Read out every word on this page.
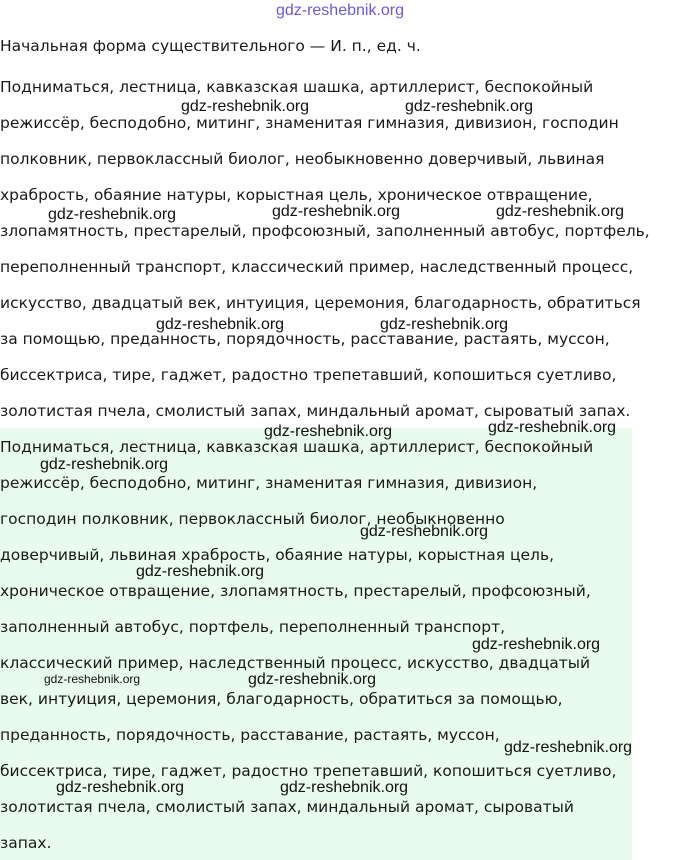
gdz-reshebnik.org
Начальная форма существительного — И. п., ед. ч.
Подниматься, лестница, кавказская шашка, артиллерист, беспокойный
режиссёр, бесподобно, митинг, знаменитая гимназия, дивизион, господин
полковник, первоклассный биолог, необыкновенно доверчивый, львиная
храбрость, обаяние натуры, корыстная цель, хроническое отвращение,
злопамятность, престарелый, профсоюзный, заполненный автобус, портфель,
переполненный транспорт, классический пример, наследственный процесс,
искусство, двадцатый век, интуиция, церемония, благодарность, обратиться
за помощью, преданность, порядочность, расставание, растаять, муссон,
биссектриса, тире, гаджет, радостно трепетавший, копошиться суетливо,
золотистая пчела, смолистый запах, миндальный аромат, сыроватый запах.
Подниматься, лестница, кавказская шашка, артиллерист, беспокойный
режиссёр, бесподобно, митинг, знаменитая гимназия, дивизион,
господин полковник, первоклассный биолог, необыкновенно
доверчивый, львиная храбрость, обаяние натуры, корыстная цель,
хроническое отвращение, злопамятность, престарелый, профсоюзный,
заполненный автобус, портфель, переполненный транспорт,
классический пример, наследственный процесс, искусство, двадцатый
век, интуиция, церемония, благодарность, обратиться за помощью,
преданность, порядочность, расставание, растаять, муссон,
биссектриса, тире, гаджет, радостно трепетавший, копошиться суетливо,
золотистая пчела, смолистый запах, миндальный аромат, сыроватый
запах.
gdz-reshebnik.org	gdz-reshebnik.org
gdz-reshebnik.org	gdz-reshebnik.org	gdz-reshebnik.org
gdz-reshebnik.org	gdz-reshebnik.org
gdz-reshebnik.org	gdz-reshebnik.org
gdz-reshebnik.org
gdz-reshebnik.org
gdz-reshebnik.org
gdz-reshebnik.org
gdz-reshebnik.org	gdz-reshebnik.org
gdz-reshebnik.org
gdz-reshebnik.org	gdz-reshebnik.org
